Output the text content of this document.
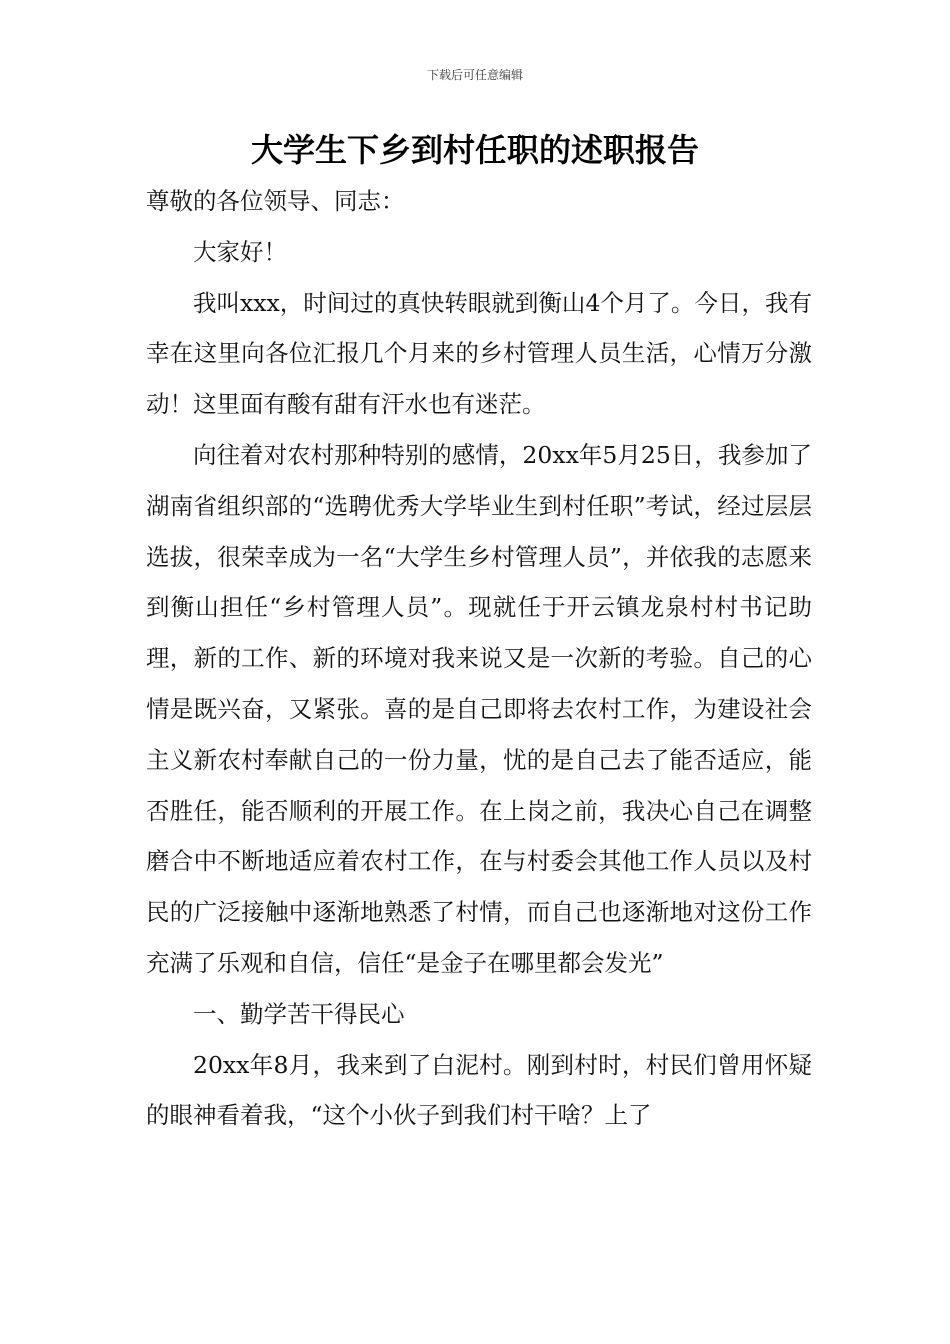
下载后可任意编辑
大学生下乡到村任职的述职报告

尊敬的各位领导、同志：

大家好！

我叫xxx，时间过的真快转眼就到衡山4个月了。今日，我有幸在这里向各位汇报几个月来的乡村管理人员生活，心情万分激动！这里面有酸有甜有汗水也有迷茫。

向往着对农村那种特别的感情，20xx年5月25日，我参加了湖南省组织部的“选聘优秀大学毕业生到村任职”考试，经过层层选拔，很荣幸成为一名“大学生乡村管理人员”，并依我的志愿来到衡山担任“乡村管理人员”。现就任于开云镇龙泉村村书记助理，新的工作、新的环境对我来说又是一次新的考验。自己的心情是既兴奋，又紧张。喜的是自己即将去农村工作，为建设社会主义新农村奉献自己的一份力量，忧的是自己去了能否适应，能否胜任，能否顺利的开展工作。在上岗之前，我决心自己在调整磨合中不断地适应着农村工作，在与村委会其他工作人员以及村民的广泛接触中逐渐地熟悉了村情，而自己也逐渐地对这份工作充满了乐观和自信，信任“是金子在哪里都会发光”

一、勤学苦干得民心

20xx年8月，我来到了白泥村。刚到村时，村民们曾用怀疑的眼神看着我，“这个小伙子到我们村干啥？上了
